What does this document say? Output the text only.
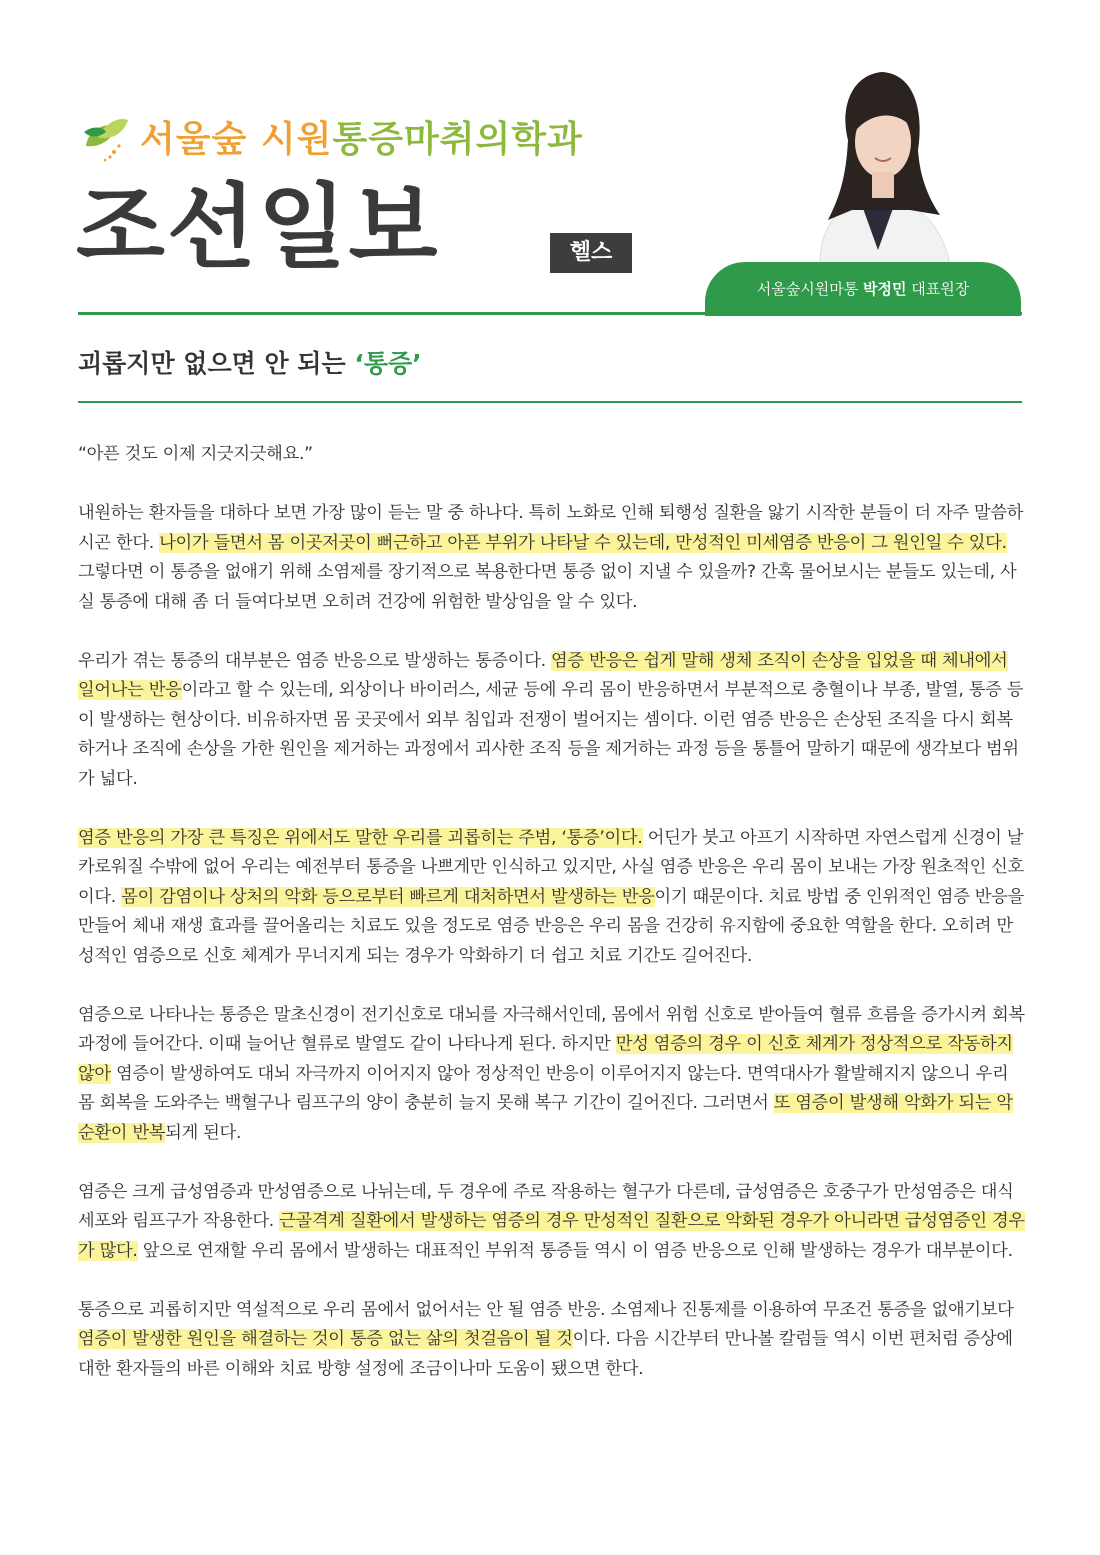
서울숲 시원통증마취의학과
조선일보	헬스
서울숲시원마통 박정민 대표원장
괴롭지만 없으면 안 되는 ‘통증’

“아픈 것도 이제 지긋지긋해요.”

내원하는 환자들을 대하다 보면 가장 많이 듣는 말 중 하나다. 특히 노화로 인해 퇴행성 질환을 앓기 시작한 분들이 더 자주 말씀하시곤 한다. 나이가 들면서 몸 이곳저곳이 뻐근하고 아픈 부위가 나타날 수 있는데, 만성적인 미세염증 반응이 그 원인일 수 있다. 그렇다면 이 통증을 없애기 위해 소염제를 장기적으로 복용한다면 통증 없이 지낼 수 있을까? 간혹 물어보시는 분들도 있는데, 사실 통증에 대해 좀 더 들여다보면 오히려 건강에 위험한 발상임을 알 수 있다.

우리가 겪는 통증의 대부분은 염증 반응으로 발생하는 통증이다. 염증 반응은 쉽게 말해 생체 조직이 손상을 입었을 때 체내에서 일어나는 반응이라고 할 수 있는데, 외상이나 바이러스, 세균 등에 우리 몸이 반응하면서 부분적으로 충혈이나 부종, 발열, 통증 등이 발생하는 현상이다. 비유하자면 몸 곳곳에서 외부 침입과 전쟁이 벌어지는 셈이다. 이런 염증 반응은 손상된 조직을 다시 회복하거나 조직에 손상을 가한 원인을 제거하는 과정에서 괴사한 조직 등을 제거하는 과정 등을 통틀어 말하기 때문에 생각보다 범위가 넓다.

염증 반응의 가장 큰 특징은 위에서도 말한 우리를 괴롭히는 주범, ‘통증’이다. 어딘가 붓고 아프기 시작하면 자연스럽게 신경이 날카로워질 수밖에 없어 우리는 예전부터 통증을 나쁘게만 인식하고 있지만, 사실 염증 반응은 우리 몸이 보내는 가장 원초적인 신호이다. 몸이 감염이나 상처의 악화 등으로부터 빠르게 대처하면서 발생하는 반응이기 때문이다. 치료 방법 중 인위적인 염증 반응을 만들어 체내 재생 효과를 끌어올리는 치료도 있을 정도로 염증 반응은 우리 몸을 건강히 유지함에 중요한 역할을 한다. 오히려 만성적인 염증으로 신호 체계가 무너지게 되는 경우가 악화하기 더 쉽고 치료 기간도 길어진다.

염증으로 나타나는 통증은 말초신경이 전기신호로 대뇌를 자극해서인데, 몸에서 위험 신호로 받아들여 혈류 흐름을 증가시켜 회복 과정에 들어간다. 이때 늘어난 혈류로 발열도 같이 나타나게 된다. 하지만 만성 염증의 경우 이 신호 체계가 정상적으로 작동하지 않아 염증이 발생하여도 대뇌 자극까지 이어지지 않아 정상적인 반응이 이루어지지 않는다. 면역대사가 활발해지지 않으니 우리 몸 회복을 도와주는 백혈구나 림프구의 양이 충분히 늘지 못해 복구 기간이 길어진다. 그러면서 또 염증이 발생해 악화가 되는 악순환이 반복되게 된다.

염증은 크게 급성염증과 만성염증으로 나뉘는데, 두 경우에 주로 작용하는 혈구가 다른데, 급성염증은 호중구가 만성염증은 대식세포와 림프구가 작용한다. 근골격계 질환에서 발생하는 염증의 경우 만성적인 질환으로 악화된 경우가 아니라면 급성염증인 경우가 많다. 앞으로 연재할 우리 몸에서 발생하는 대표적인 부위적 통증들 역시 이 염증 반응으로 인해 발생하는 경우가 대부분이다.

통증으로 괴롭히지만 역설적으로 우리 몸에서 없어서는 안 될 염증 반응. 소염제나 진통제를 이용하여 무조건 통증을 없애기보다 염증이 발생한 원인을 해결하는 것이 통증 없는 삶의 첫걸음이 될 것이다. 다음 시간부터 만나볼 칼럼들 역시 이번 편처럼 증상에 대한 환자들의 바른 이해와 치료 방향 설정에 조금이나마 도움이 됐으면 한다.
